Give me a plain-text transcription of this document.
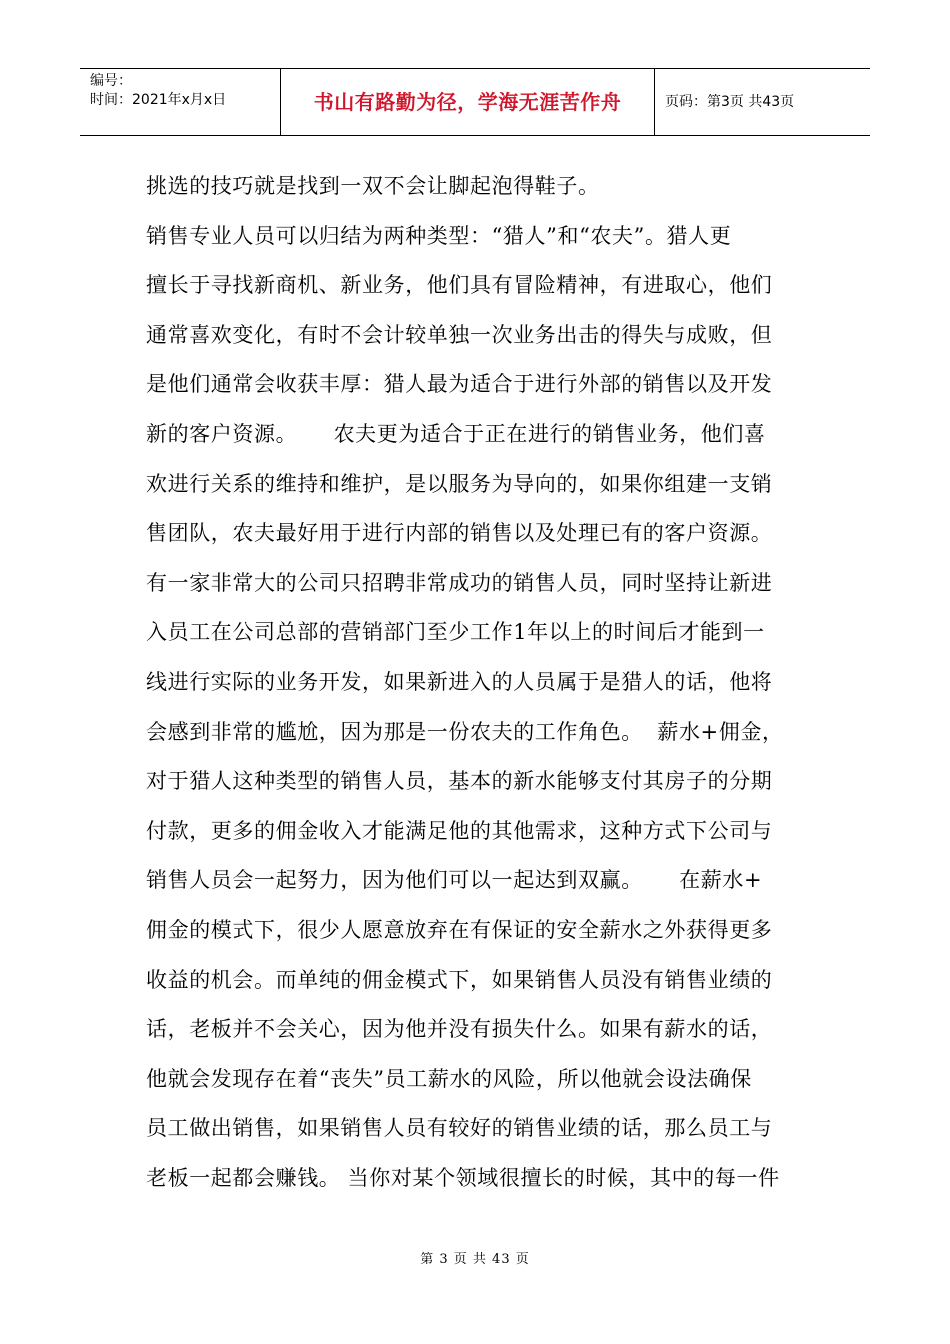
编号：
时间：2021年x月x日	书山有路勤为径，学海无涯苦作舟	页码：第3页 共43页
挑选的技巧就是找到一双不会让脚起泡得鞋子。
销售专业人员可以归结为两种类型：“猎人”和“农夫”。猎人更
擅长于寻找新商机、新业务，他们具有冒险精神，有进取心，他们
通常喜欢变化，有时不会计较单独一次业务出击的得失与成败，但
是他们通常会收获丰厚：猎人最为适合于进行外部的销售以及开发
新的客户资源。     农夫更为适合于正在进行的销售业务，他们喜
欢进行关系的维持和维护，是以服务为导向的，如果你组建一支销
售团队，农夫最好用于进行内部的销售以及处理已有的客户资源。
有一家非常大的公司只招聘非常成功的销售人员，同时坚持让新进
入员工在公司总部的营销部门至少工作1年以上的时间后才能到一
线进行实际的业务开发，如果新进入的人员属于是猎人的话，他将
会感到非常的尴尬，因为那是一份农夫的工作角色。  薪水+佣金，
对于猎人这种类型的销售人员，基本的新水能够支付其房子的分期
付款，更多的佣金收入才能满足他的其他需求，这种方式下公司与
销售人员会一起努力，因为他们可以一起达到双赢。     在薪水+
佣金的模式下，很少人愿意放弃在有保证的安全薪水之外获得更多
收益的机会。而单纯的佣金模式下，如果销售人员没有销售业绩的
话，老板并不会关心，因为他并没有损失什么。如果有薪水的话，
他就会发现存在着“丧失”员工薪水的风险，所以他就会设法确保
员工做出销售，如果销售人员有较好的销售业绩的话，那么员工与
老板一起都会赚钱。 当你对某个领域很擅长的时候，其中的每一件
第 3 页 共 43 页
